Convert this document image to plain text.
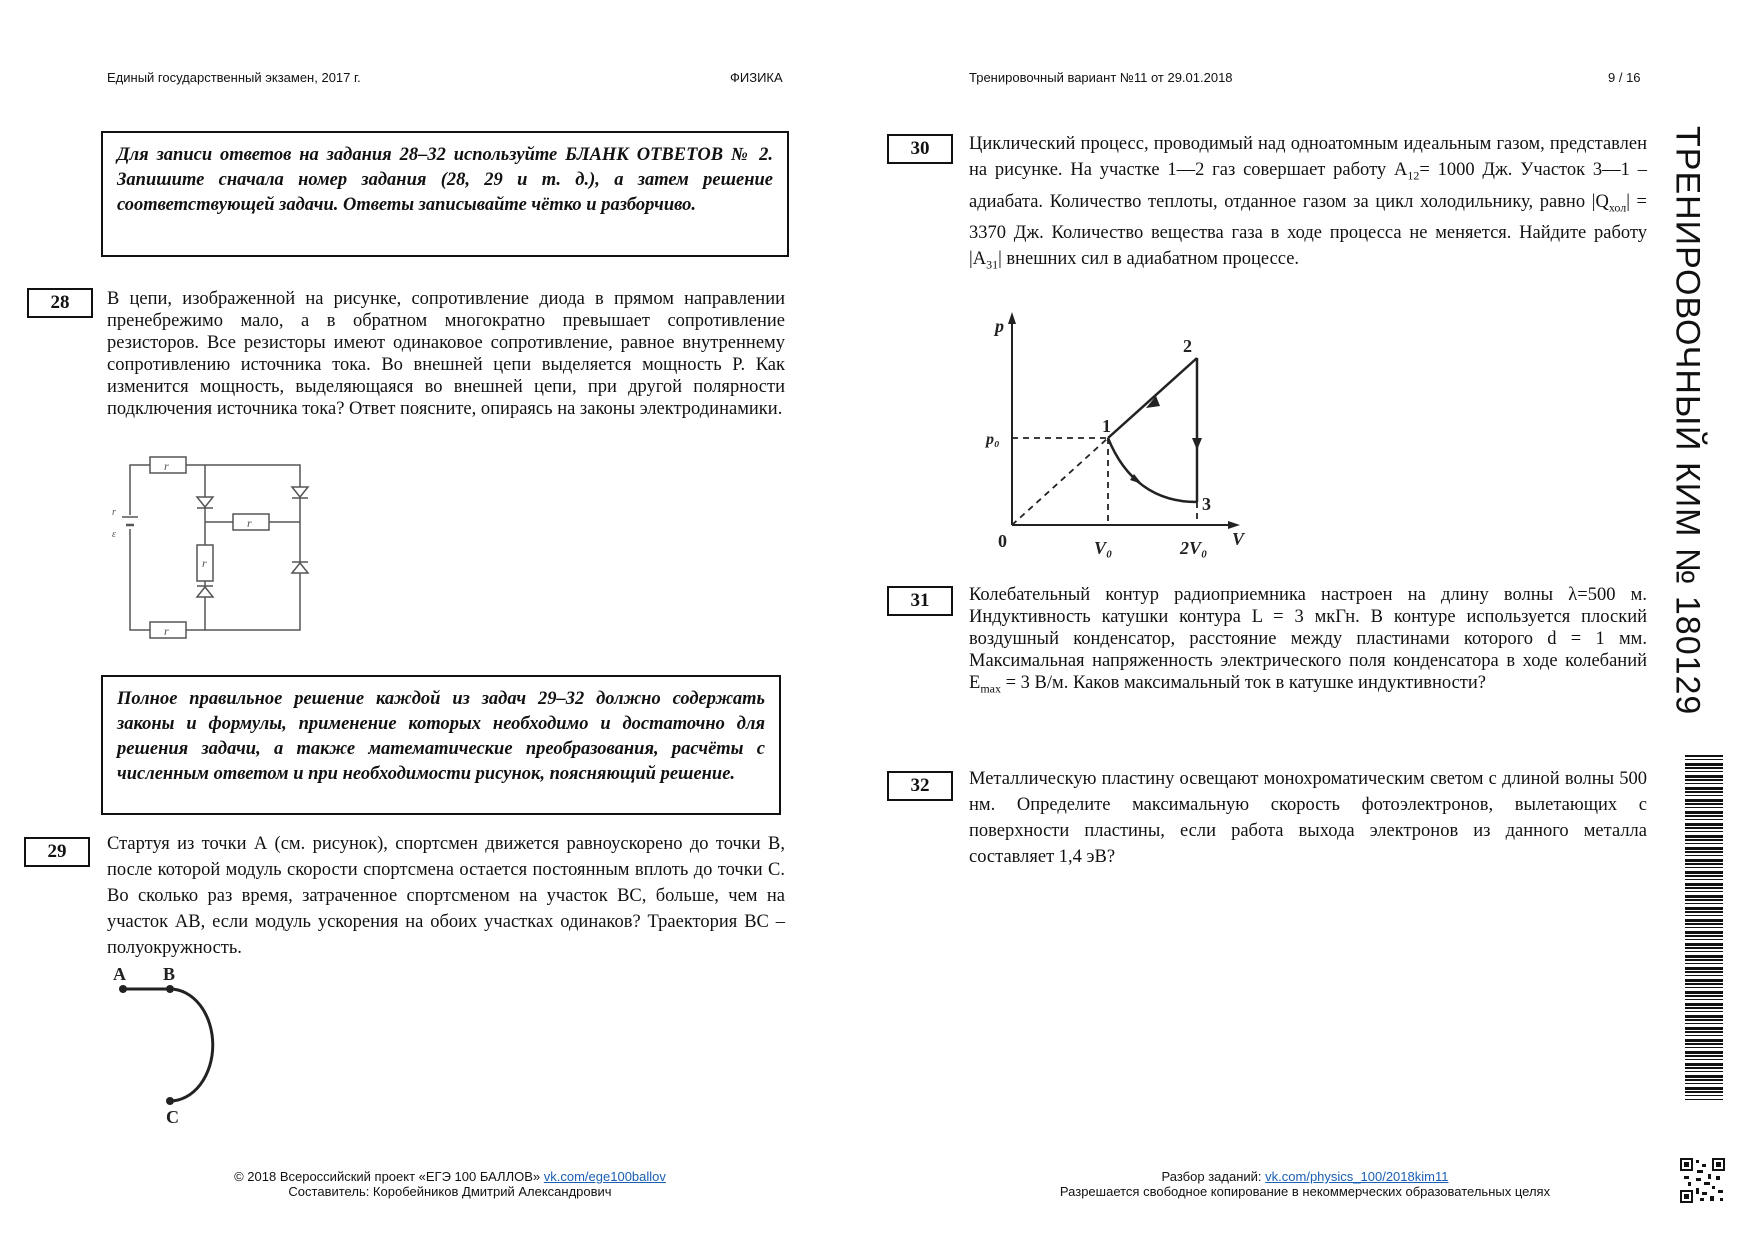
Единый государственный экзамен, 2017 г.	ФИЗИКА	Тренировочный вариант №11 от 29.01.2018	9 / 16
Для записи ответов на задания 28–32 используйте БЛАНК ОТВЕТОВ № 2. Запишите сначала номер задания (28, 29 и т. д.), а затем решение соответствующей задачи. Ответы записывайте чётко и разборчиво.
28	В цепи, изображенной на рисунке, сопротивление диода в прямом направлении пренебрежимо мало, а в обратном многократно превышает сопротивление резисторов. Все резисторы имеют одинаковое сопротивление, равное внутреннему сопротивлению источника тока. Во внешней цепи выделяется мощность P. Как изменится мощность, выделяющаяся во внешней цепи, при другой полярности подключения источника тока? Ответ поясните, опираясь на законы электродинамики.
r
r
r
r
r
ε
Полное правильное решение каждой из задач 29–32 должно содержать законы и формулы, применение которых необходимо и достаточно для решения задачи, а также математические преобразования, расчёты с численным ответом и при необходимости рисунок, поясняющий решение.
29	Стартуя из точки А (см. рисунок), спортсмен движется равноускорено до точки В, после которой модуль скорости спортсмена остается постоянным вплоть до точки С. Во сколько раз время, затраченное спортсменом на участок ВС, больше, чем на участок АВ, если модуль ускорения на обоих участках одинаков? Траектория ВС – полуокружность.
A B
C
30	Циклический процесс, проводимый над одноатомным идеальным газом, представлен на рисунке. На участке 1—2 газ совершает работу $A_{12}= 1000$ Дж. Участок 3—1 – адиабата. Количество теплоты, отданное газом за цикл холодильнику, равно $|Q_{хол}| = 3370$ Дж. Количество вещества газа в ходе процесса не меняется. Найдите работу $|A_{31}|$ внешних сил в адиабатном процессе.
p
V
p₀
0	V₀	2V₀
1
2
3
31	Колебательный контур радиоприемника настроен на длину волны λ=500 м. Индуктивность катушки контура L = 3 мкГн. В контуре используется плоский воздушный конденсатор, расстояние между пластинами которого d = 1 мм. Максимальная напряженность электрического поля конденсатора в ходе колебаний $E_{max} = 3$ В/м. Каков максимальный ток в катушке индуктивности?
32	Металлическую пластину освещают монохроматическим светом с длиной волны 500 нм. Определите максимальную скорость фотоэлектронов, вылетающих с поверхности пластины, если работа выхода электронов из данного металла составляет 1,4 эВ?
ТРЕНИРОВОЧНЫЙ КИМ № 180129
© 2018 Всероссийский проект «ЕГЭ 100 БАЛЛОВ» vk.com/ege100ballov
Составитель: Коробейников Дмитрий Александрович
Разбор заданий: vk.com/physics_100/2018kim11
Разрешается свободное копирование в некоммерческих образовательных целях
